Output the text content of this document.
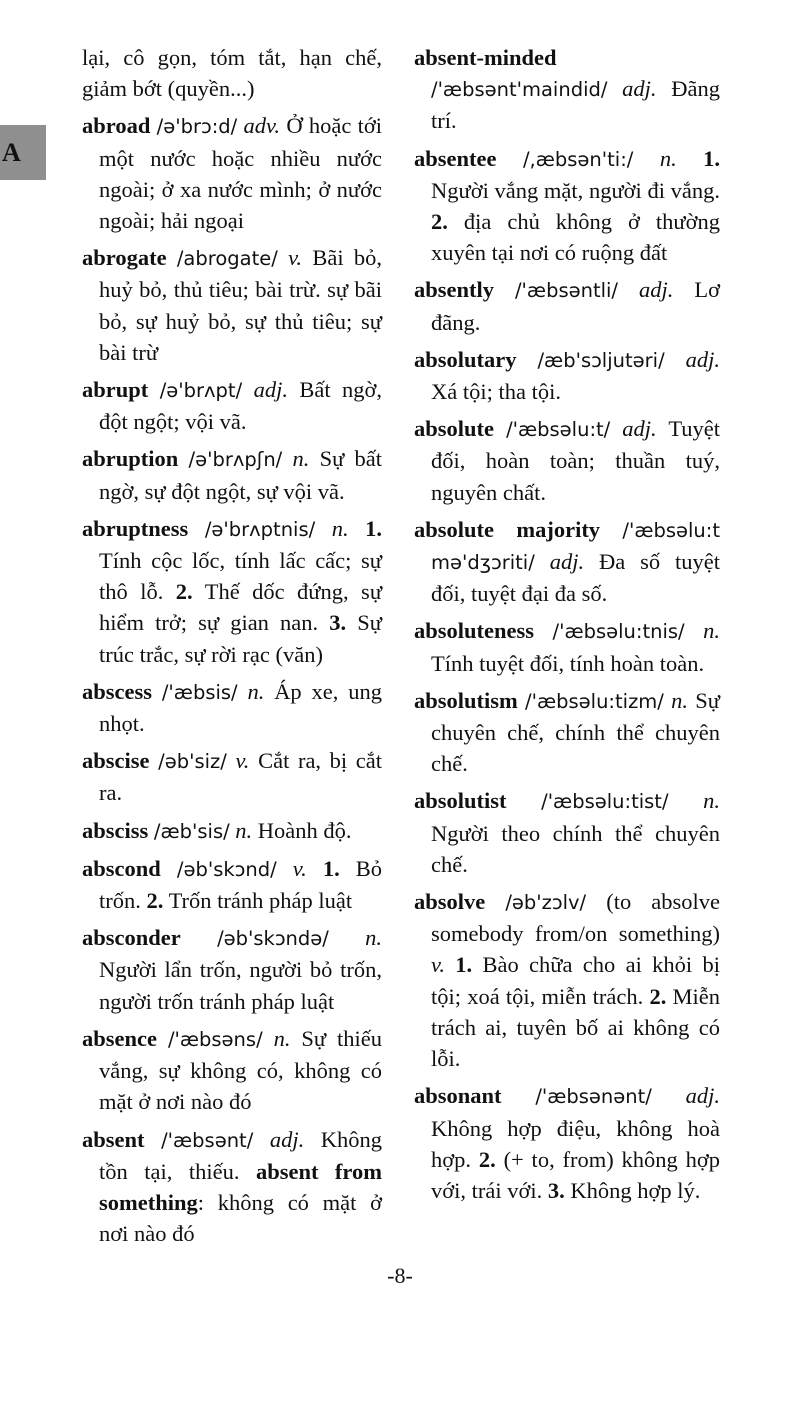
A

lại, cô gọn, tóm tắt, hạn chế, giảm bớt (quyền...)

abroad /ə'brɔ:d/ adv. Ở hoặc tới một nước hoặc nhiều nước ngoài; ở xa nước mình; ở nước ngoài; hải ngoại

abrogate /abrogate/ v. Bãi bỏ, huỷ bỏ, thủ tiêu; bài trừ. sự bãi bỏ, sự huỷ bỏ, sự thủ tiêu; sự bài trừ

abrupt /ə'brʌpt/ adj. Bất ngờ, đột ngột; vội vã.

abruption /ə'brʌpʃn/ n. Sự bất ngờ, sự đột ngột, sự vội vã.

abruptness /ə'brʌptnis/ n. 1. Tính cộc lốc, tính lấc cấc; sự thô lỗ. 2. Thế dốc đứng, sự hiểm trở; sự gian nan. 3. Sự trúc trắc, sự rời rạc (văn)

abscess /'æbsis/ n. Áp xe, ung nhọt.

abscise /əb'siz/ v. Cắt ra, bị cắt ra.

absciss /æb'sis/ n. Hoành độ.

abscond /əb'skɔnd/ v. 1. Bỏ trốn. 2. Trốn tránh pháp luật

absconder /əb'skɔndə/ n. Người lẩn trốn, người bỏ trốn, người trốn tránh pháp luật

absence /'æbsəns/ n. Sự thiếu vắng, sự không có, không có mặt ở nơi nào đó

absent /'æbsənt/ adj. Không tồn tại, thiếu. absent from something: không có mặt ở nơi nào đó

absent-minded /'æbsənt'maindid/ adj. Đãng trí.

absentee /,æbsən'ti:/ n. 1. Người vắng mặt, người đi vắng. 2. địa chủ không ở thường xuyên tại nơi có ruộng đất

absently /'æbsəntli/ adj. Lơ đãng.

absolutary /æb'sɔljutəri/ adj. Xá tội; tha tội.

absolute /'æbsəlu:t/ adj. Tuyệt đối, hoàn toàn; thuần tuý, nguyên chất.

absolute majority /'æbsəlu:t mə'dʒɔriti/ adj. Đa số tuyệt đối, tuyệt đại đa số.

absoluteness /'æbsəlu:tnis/ n. Tính tuyệt đối, tính hoàn toàn.

absolutism /'æbsəlu:tizm/ n. Sự chuyên chế, chính thể chuyên chế.

absolutist /'æbsəlu:tist/ n. Người theo chính thể chuyên chế.

absolve /əb'zɔlv/ (to absolve somebody from/on something) v. 1. Bào chữa cho ai khỏi bị tội; xoá tội, miễn trách. 2. Miễn trách ai, tuyên bố ai không có lỗi.

absonant /'æbsənənt/ adj. Không hợp điệu, không hoà hợp. 2. (+ to, from) không hợp với, trái với. 3. Không hợp lý.

-8-
